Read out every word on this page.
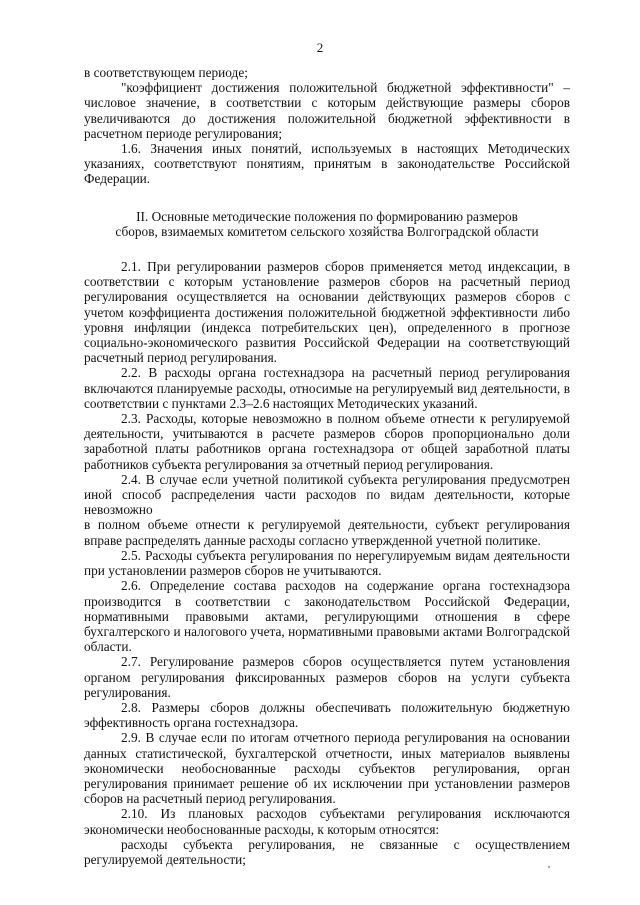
2

в соответствующем периоде;

"коэффициент достижения положительной бюджетной эффективности" – числовое значение, в соответствии с которым действующие размеры сборов увеличиваются до достижения положительной бюджетной эффективности в расчетном периоде регулирования;

1.6. Значения иных понятий, используемых в настоящих Методических указаниях, соответствуют понятиям, принятым в законодательстве Российской Федерации.

II. Основные методические положения по формированию размеров

сборов, взимаемых комитетом сельского хозяйства Волгоградской области

2.1. При регулировании размеров сборов применяется метод индексации, в соответствии с которым установление размеров сборов на расчетный период регулирования осуществляется на основании действующих размеров сборов с учетом коэффициента достижения положительной бюджетной эффективности либо уровня инфляции (индекса потребительских цен), определенного в прогнозе социально-экономического развития Российской Федерации на соответствующий расчетный период регулирования.

2.2. В расходы органа гостехнадзора на расчетный период регулирования включаются планируемые расходы, относимые на регулируемый вид деятельности, в соответствии с пунктами 2.3–2.6 настоящих Методических указаний.

2.3. Расходы, которые невозможно в полном объеме отнести к регулируемой деятельности, учитываются в расчете размеров сборов пропорционально доли заработной платы работников органа гостехнадзора от общей заработной платы работников субъекта регулирования за отчетный период регулирования.

2.4. В случае если учетной политикой субъекта регулирования предусмотрен иной способ распределения части расходов по видам деятельности, которые невозможно

в полном объеме отнести к регулируемой деятельности, субъект регулирования вправе распределять данные расходы согласно утвержденной учетной политике.

2.5. Расходы субъекта регулирования по нерегулируемым видам деятельности при установлении размеров сборов не учитываются.

2.6. Определение состава расходов на содержание органа гостехнадзора производится в соответствии с законодательством Российской Федерации, нормативными правовыми актами, регулирующими отношения в сфере бухгалтерского и налогового учета, нормативными правовыми актами Волгоградской области.

2.7. Регулирование размеров сборов осуществляется путем установления органом регулирования фиксированных размеров сборов на услуги субъекта регулирования.

2.8. Размеры сборов должны обеспечивать положительную бюджетную эффективность органа гостехнадзора.

2.9. В случае если по итогам отчетного периода регулирования на основании данных статистической, бухгалтерской отчетности, иных материалов выявлены экономически необоснованные расходы субъектов регулирования, орган регулирования принимает решение об их исключении при установлении размеров сборов на расчетный период регулирования.

2.10. Из плановых расходов субъектами регулирования исключаются экономически необоснованные расходы, к которым относятся:

расходы субъекта регулирования, не связанные с осуществлением регулируемой деятельности;
